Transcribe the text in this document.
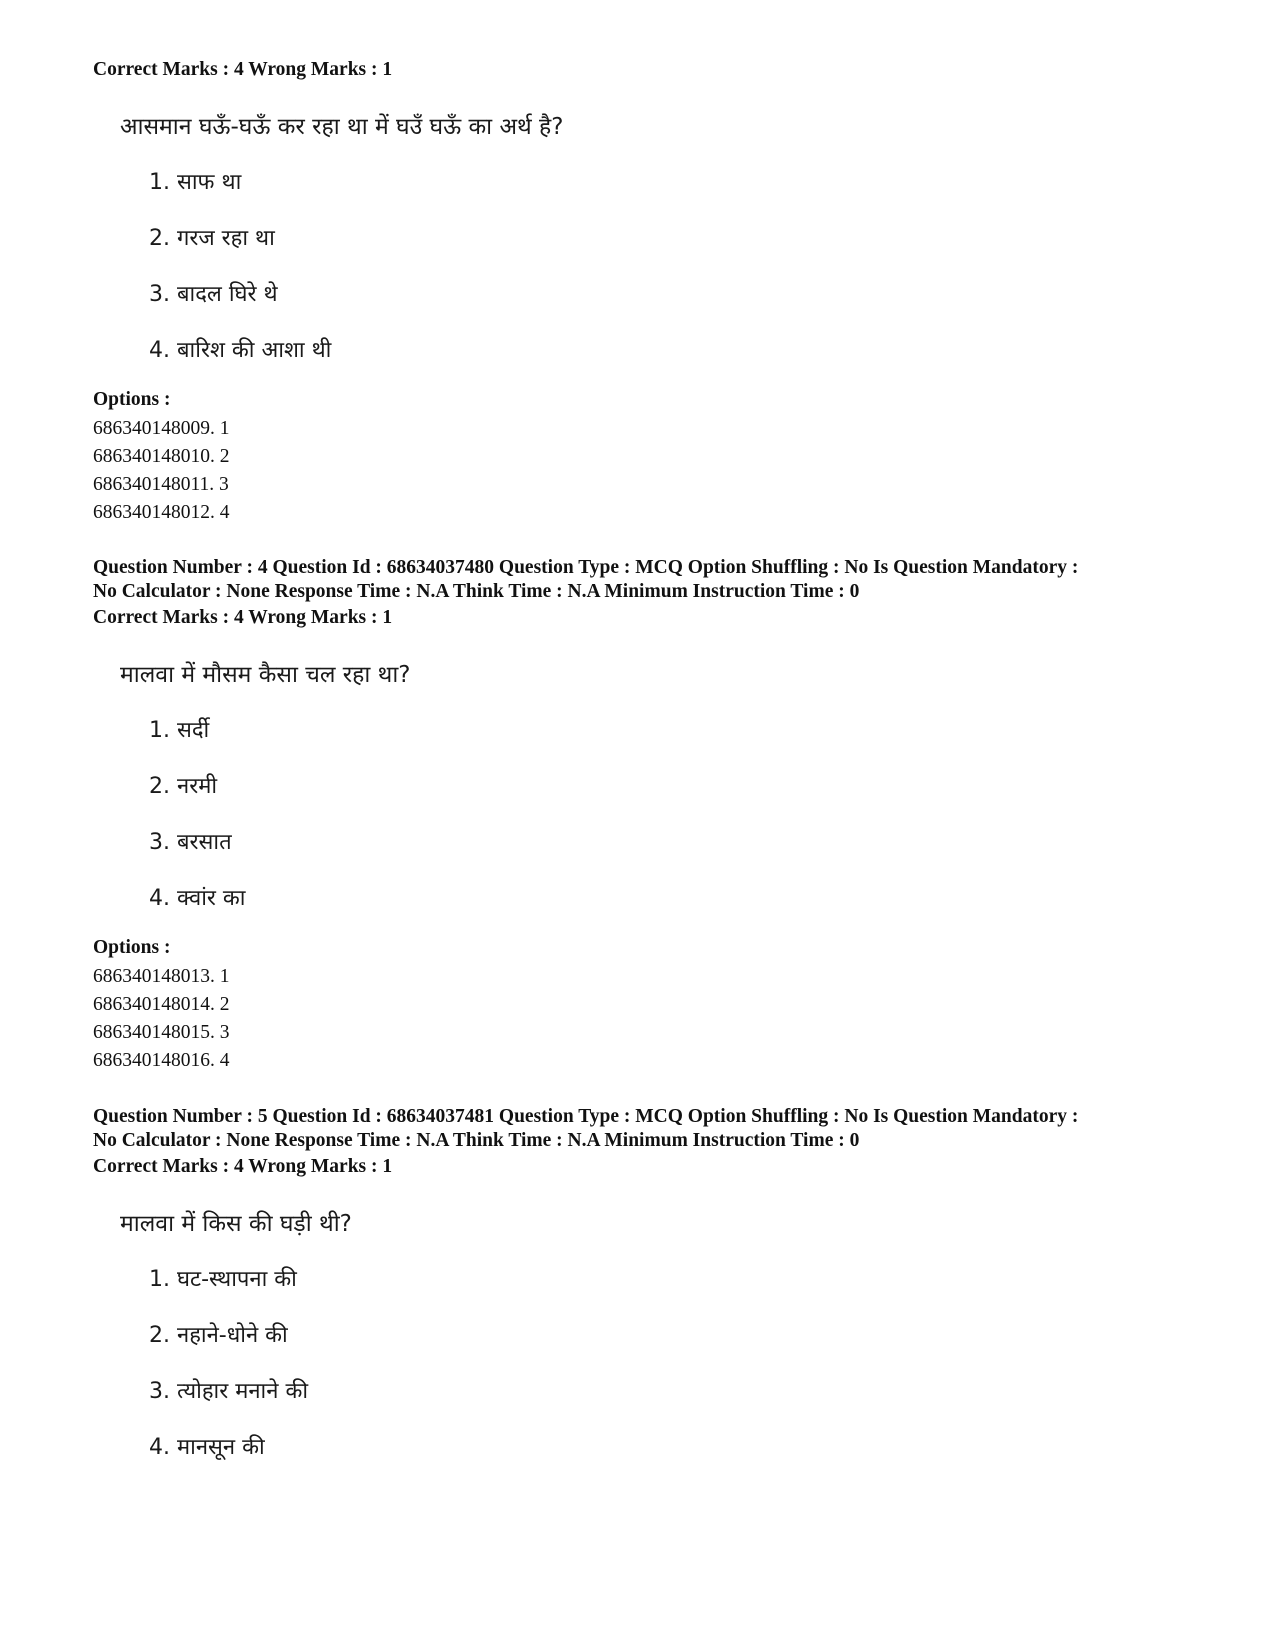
Correct Marks : 4 Wrong Marks : 1
आसमान घऊँ-घऊँ कर रहा था में घउँ घऊँ का अर्थ है?
1. साफ था
2. गरज रहा था
3. बादल घिरे थे
4. बारिश की आशा थी
Options :
686340148009. 1
686340148010. 2
686340148011. 3
686340148012. 4
Question Number : 4 Question Id : 68634037480 Question Type : MCQ Option Shuffling : No Is Question Mandatory :
No Calculator : None Response Time : N.A Think Time : N.A Minimum Instruction Time : 0
Correct Marks : 4 Wrong Marks : 1
मालवा में मौसम कैसा चल रहा था?
1. सर्दी
2. नरमी
3. बरसात
4. क्वांर का
Options :
686340148013. 1
686340148014. 2
686340148015. 3
686340148016. 4
Question Number : 5 Question Id : 68634037481 Question Type : MCQ Option Shuffling : No Is Question Mandatory :
No Calculator : None Response Time : N.A Think Time : N.A Minimum Instruction Time : 0
Correct Marks : 4 Wrong Marks : 1
मालवा में किस की घड़ी थी?
1. घट-स्थापना की
2. नहाने-धोने की
3. त्योहार मनाने की
4. मानसून की
